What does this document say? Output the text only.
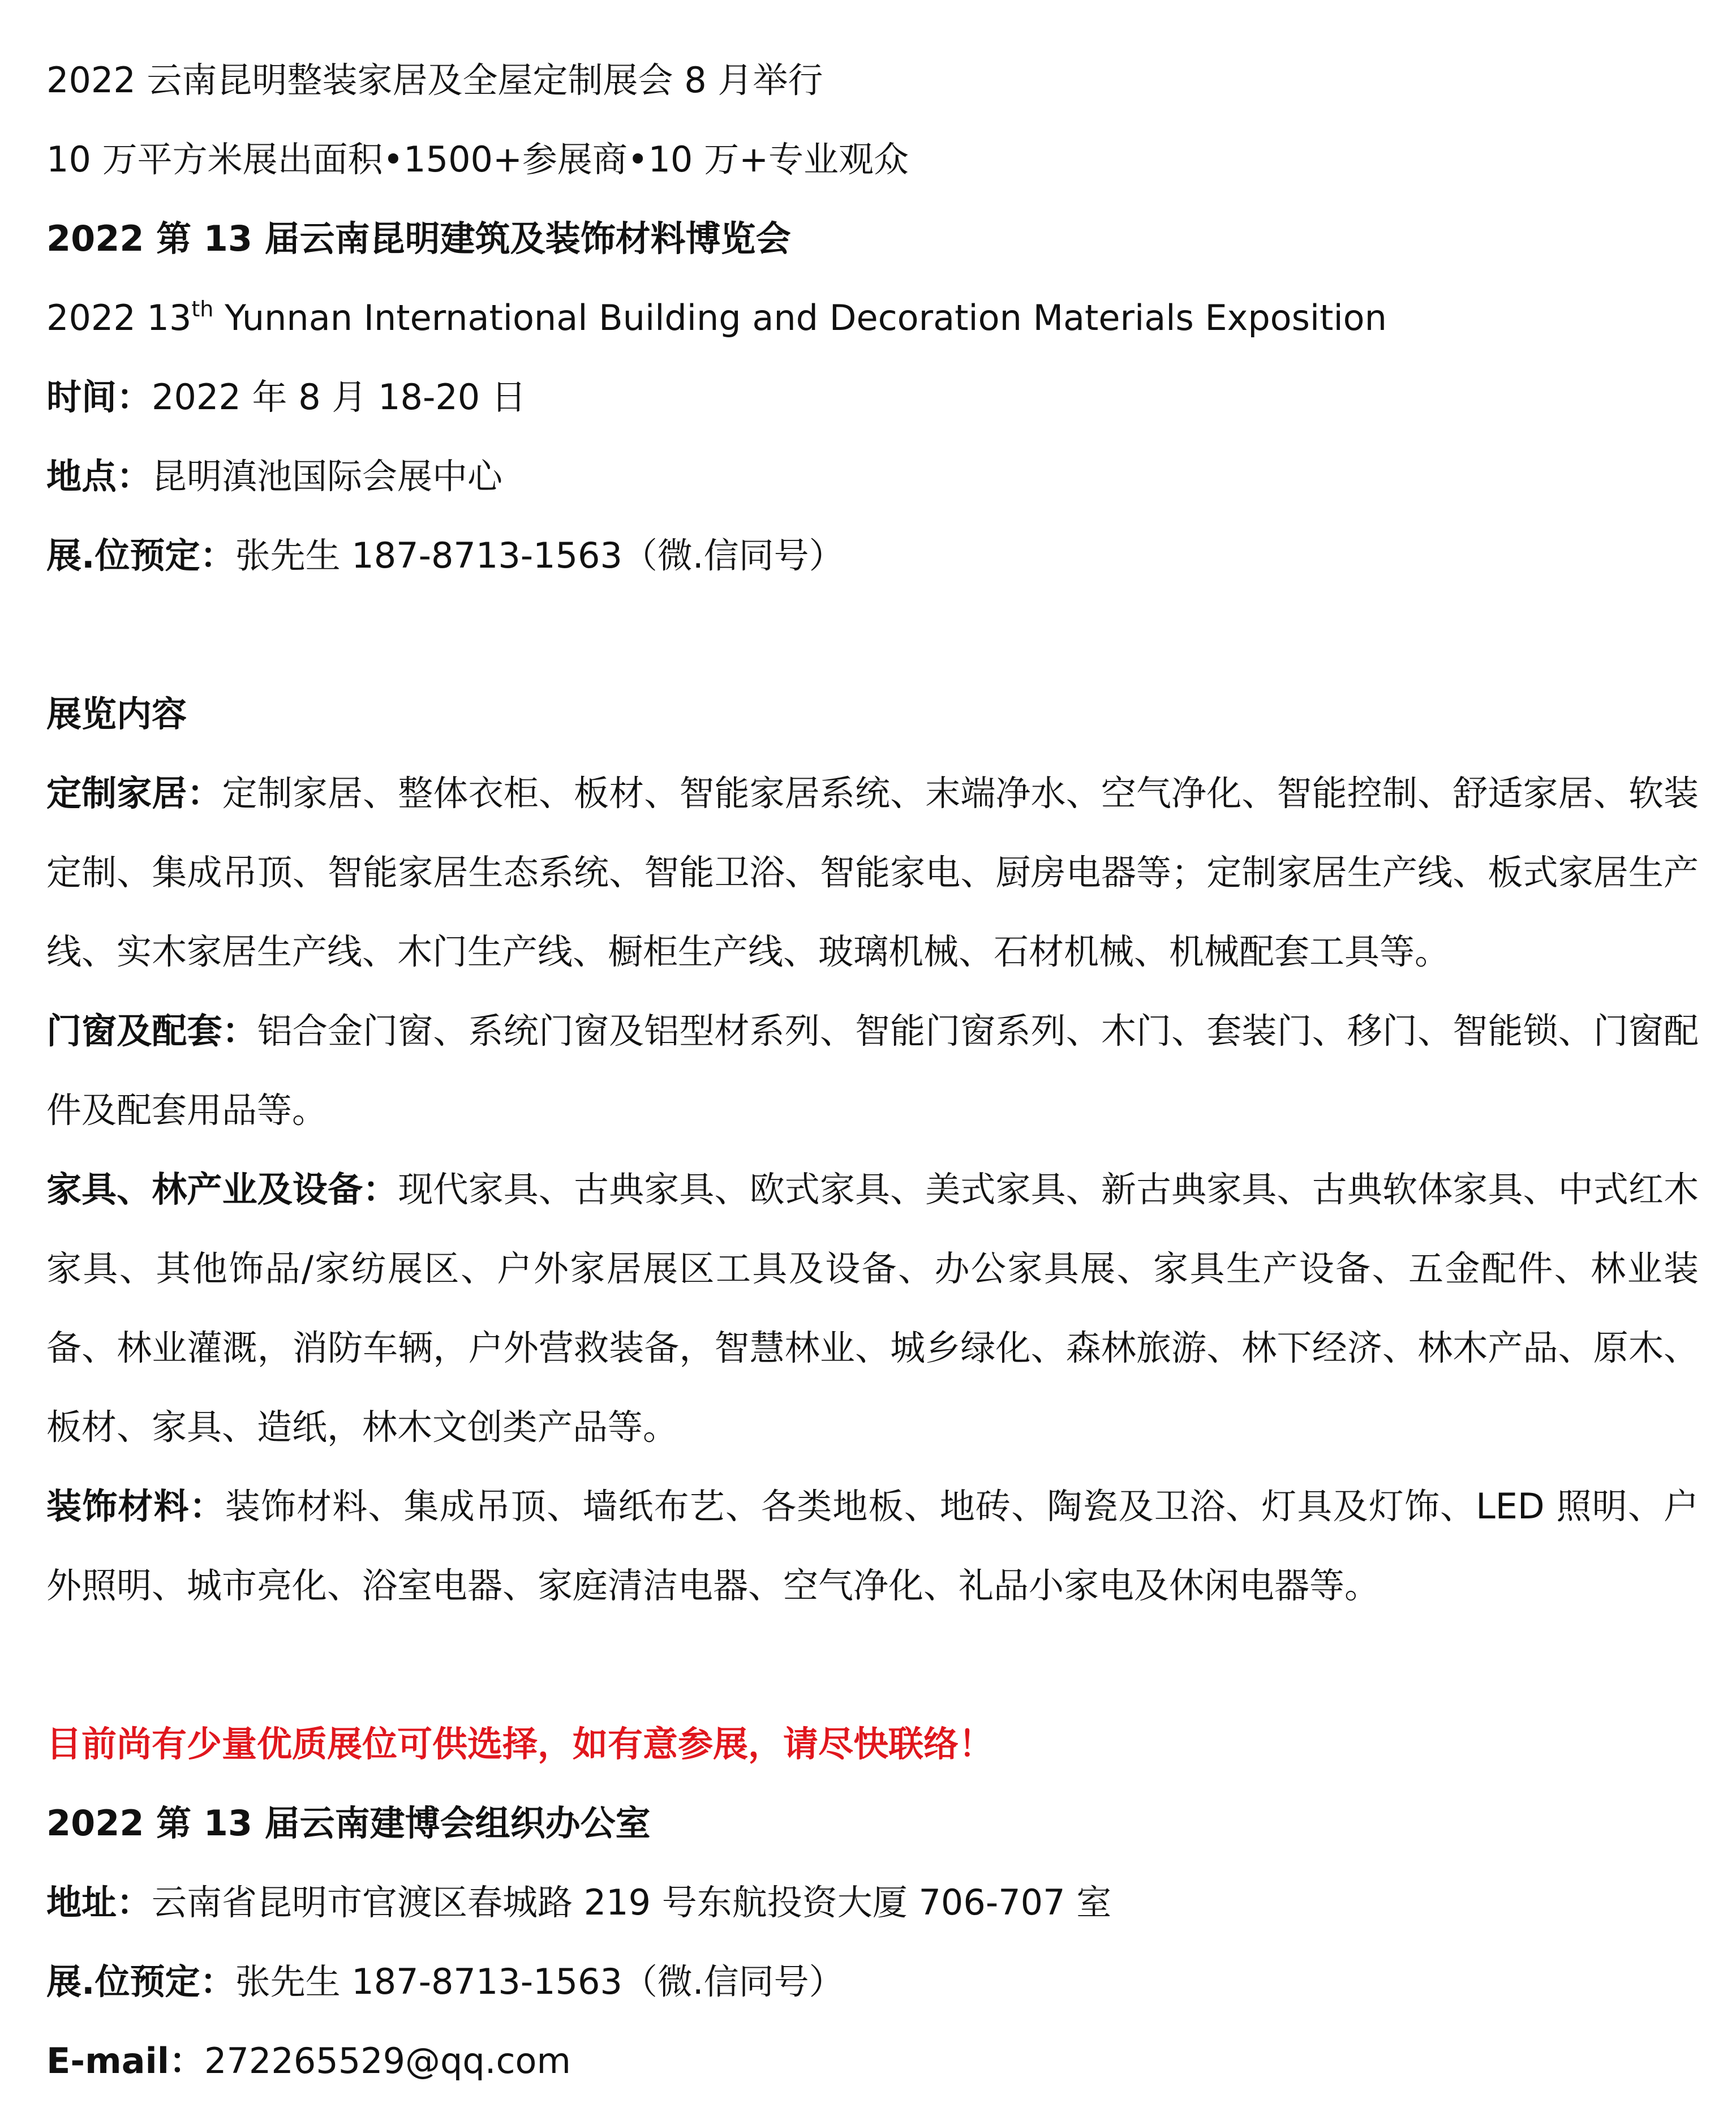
2022 云南昆明整装家居及全屋定制展会 8 月举行

10 万平方米展出面积•1500+参展商•10 万+专业观众

2022 第 13 届云南昆明建筑及装饰材料博览会

2022 13th Yunnan International Building and Decoration Materials Exposition

时间：2022 年 8 月 18-20 日

地点：昆明滇池国际会展中心

展.位预定：张先生 187-8713-1563（微.信同号）

展览内容

定制家居：定制家居、整体衣柜、板材、智能家居系统、末端净水、空气净化、智能控制、舒适家居、软装定制、集成吊顶、智能家居生态系统、智能卫浴、智能家电、厨房电器等；定制家居生产线、板式家居生产线、实木家居生产线、木门生产线、橱柜生产线、玻璃机械、石材机械、机械配套工具等。

门窗及配套：铝合金门窗、系统门窗及铝型材系列、智能门窗系列、木门、套装门、移门、智能锁、门窗配件及配套用品等。

家具、林产业及设备：现代家具、古典家具、欧式家具、美式家具、新古典家具、古典软体家具、中式红木家具、其他饰品/家纺展区、户外家居展区工具及设备、办公家具展、家具生产设备、五金配件、林业装备、林业灌溉，消防车辆，户外营救装备，智慧林业、城乡绿化、森林旅游、林下经济、林木产品、原木、板材、家具、造纸，林木文创类产品等。

装饰材料：装饰材料、集成吊顶、墙纸布艺、各类地板、地砖、陶瓷及卫浴、灯具及灯饰、LED 照明、户外照明、城市亮化、浴室电器、家庭清洁电器、空气净化、礼品小家电及休闲电器等。

目前尚有少量优质展位可供选择，如有意参展，请尽快联络！

2022 第 13 届云南建博会组织办公室

地址：云南省昆明市官渡区春城路 219 号东航投资大厦 706-707 室

展.位预定：张先生 187-8713-1563（微.信同号）

E-mail：272265529@qq.com
